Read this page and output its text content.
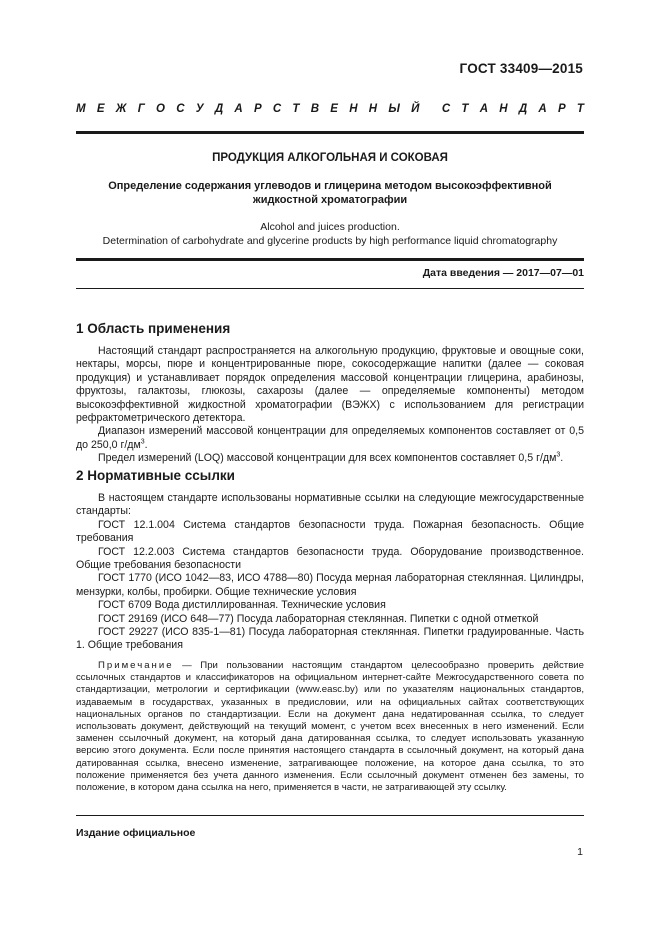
ГОСТ 33409—2015
М Е Ж Г О С У Д А Р С Т В Е Н Н Ы Й С Т А Н Д А Р Т
ПРОДУКЦИЯ АЛКОГОЛЬНАЯ И СОКОВАЯ
Определение содержания углеводов и глицерина методом высокоэффективной
жидкостной хроматографии
Alcohol and juices production.
Determination of carbohydrate and glycerine products by high performance liquid chromatography
Дата введения — 2017—07—01
1 Область применения

Настоящий стандарт распространяется на алкогольную продукцию, фруктовые и овощные соки, нектары, морсы, пюре и концентрированные пюре, сокосодержащие напитки (далее — соковая продукция) и устанавливает порядок определения массовой концентрации глицерина, арабинозы, фруктозы, галактозы, глюкозы, сахарозы (далее — определяемые компоненты) методом высокоэффективной жидкостной хроматографии (ВЭЖХ) с использованием для регистрации рефрактометрического детектора.

Диапазон измерений массовой концентрации для определяемых компонентов составляет от 0,5 до 250,0 $г/дм^3$.

Предел измерений (LOQ) массовой концентрации для всех компонентов составляет 0,5 $г/дм^3$.

2 Нормативные ссылки

В настоящем стандарте использованы нормативные ссылки на следующие межгосударственные стандарты:

ГОСТ 12.1.004 Система стандартов безопасности труда. Пожарная безопасность. Общие требования

ГОСТ 12.2.003 Система стандартов безопасности труда. Оборудование производственное. Общие требования безопасности

ГОСТ 1770 (ИСО 1042—83, ИСО 4788—80) Посуда мерная лабораторная стеклянная. Цилиндры, мензурки, колбы, пробирки. Общие технические условия

ГОСТ 6709 Вода дистиллированная. Технические условия

ГОСТ 29169 (ИСО 648—77) Посуда лабораторная стеклянная. Пипетки с одной отметкой

ГОСТ 29227 (ИСО 835-1—81) Посуда лабораторная стеклянная. Пипетки градуированные. Часть 1. Общие требования

Примечание — При пользовании настоящим стандартом целесообразно проверить действие ссылочных стандартов и классификаторов на официальном интернет-сайте Межгосударственного совета по стандартизации, метрологии и сертификации (www.easc.by) или по указателям национальных стандартов, издаваемым в государствах, указанных в предисловии, или на официальных сайтах соответствующих национальных органов по стандартизации. Если на документ дана недатированная ссылка, то следует использовать документ, действующий на текущий момент, с учетом всех внесенных в него изменений. Если заменен ссылочный документ, на который дана датированная ссылка, то следует использовать указанную версию этого документа. Если после принятия настоящего стандарта в ссылочный документ, на который дана датированная ссылка, внесено изменение, затрагивающее положение, на которое дана ссылка, то это положение применяется без учета данного изменения. Если ссылочный документ отменен без замены, то положение, в котором дана ссылка на него, применяется в части, не затрагивающей эту ссылку.
Издание официальное
1
